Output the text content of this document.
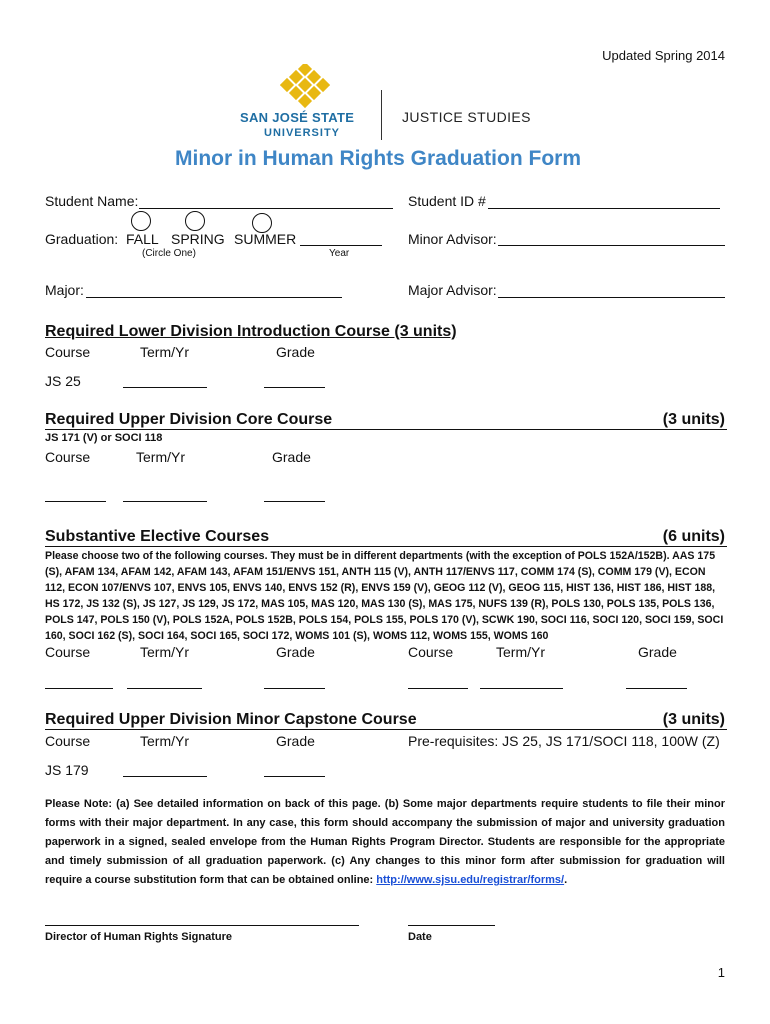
Updated Spring 2014
SAN JOSÉ STATE
UNIVERSITY
JUSTICE STUDIES
Minor in Human Rights Graduation Form
Student Name:	Student ID #
Graduation: FALL SPRING SUMMER
(Circle One)	Year
Minor Advisor:
Major:	Major Advisor:
Required Lower Division Introduction Course (3 units)
Course	Term/Yr	Grade
JS 25
Required Upper Division Core Course	(3 units)
JS 171 (V) or SOCI 118
Course	Term/Yr	Grade
Substantive Elective Courses	(6 units)
Please choose two of the following courses. They must be in different departments (with the exception of POLS 152A/152B). AAS 175 (S), AFAM 134, AFAM 142, AFAM 143, AFAM 151/ENVS 151, ANTH 115 (V), ANTH 117/ENVS 117, COMM 174 (S), COMM 179 (V), ECON 112, ECON 107/ENVS 107, ENVS 105, ENVS 140, ENVS 152 (R), ENVS 159 (V), GEOG 112 (V), GEOG 115, HIST 136, HIST 186, HIST 188, HS 172, JS 132 (S), JS 127, JS 129, JS 172, MAS 105, MAS 120, MAS 130 (S), MAS 175, NUFS 139 (R), POLS 130, POLS 135, POLS 136, POLS 147, POLS 150 (V), POLS 152A, POLS 152B, POLS 154, POLS 155, POLS 170 (V), SCWK 190, SOCI 116, SOCI 120, SOCI 159, SOCI 160, SOCI 162 (S), SOCI 164, SOCI 165, SOCI 172, WOMS 101 (S), WOMS 112, WOMS 155, WOMS 160
Course	Term/Yr	Grade	Course	Term/Yr	Grade
Required Upper Division Minor Capstone Course	(3 units)
Course	Term/Yr	Grade	Pre-requisites: JS 25, JS 171/SOCI 118, 100W (Z)
JS 179
Please Note: (a) See detailed information on back of this page. (b) Some major departments require students to file their minor forms with their major department. In any case, this form should accompany the submission of major and university graduation paperwork in a signed, sealed envelope from the Human Rights Program Director. Students are responsible for the appropriate and timely submission of all graduation paperwork. (c) Any changes to this minor form after submission for graduation will require a course substitution form that can be obtained online: http://www.sjsu.edu/registrar/forms/.
Director of Human Rights Signature	Date
1
